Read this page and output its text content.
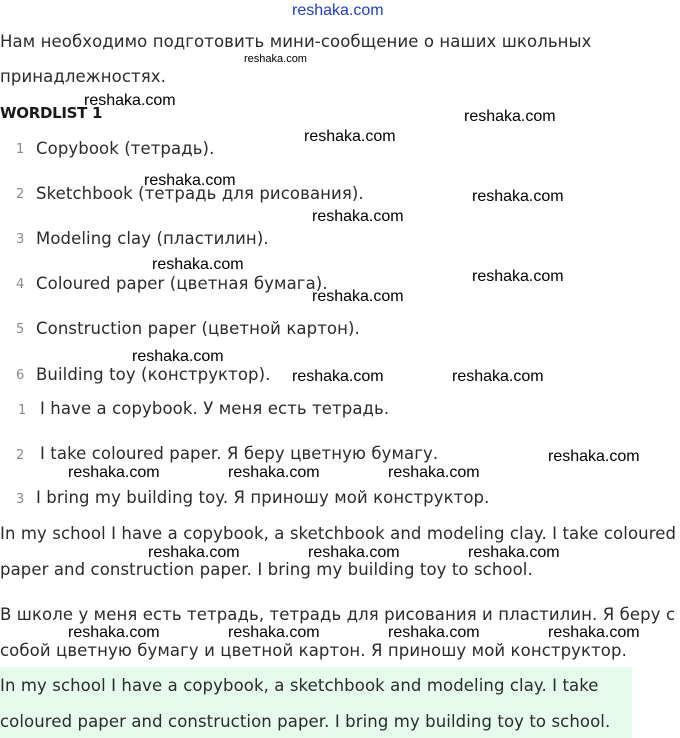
reshaka.com
Нам необходимо подготовить мини-сообщение о наших школьных
reshaka.com
принадлежностях.
WORDLIST 1
reshaka.com
reshaka.com
1 Copybook (тетрадь).
reshaka.com
2 Sketchbook (тетрадь для рисования).
reshaka.com
reshaka.com
3 Modeling clay (пластилин).
reshaka.com
4 Coloured paper (цветная бумага).
reshaka.com
reshaka.com
reshaka.com
5 Construction paper (цветной картон).
6 Building toy (конструктор).
reshaka.com
reshaka.com	reshaka.com
1 I have a copybook. У меня есть тетрадь.
2 I take coloured paper. Я беру цветную бумагу.	reshaka.com
reshaka.com	reshaka.com	reshaka.com
3 I bring my building toy. Я приношу мой конструктор.
In my school I have a copybook, a sketchbook and modeling clay. I take coloured
reshaka.com	reshaka.com	reshaka.com
paper and construction paper. I bring my building toy to school.
В школе у меня есть тетрадь, тетрадь для рисования и пластилин. Я беру с
reshaka.com	reshaka.com	reshaka.com	reshaka.com
собой цветную бумагу и цветной картон. Я приношу мой конструктор.
In my school I have a copybook, a sketchbook and modeling clay. I take
coloured paper and construction paper. I bring my building toy to school.
